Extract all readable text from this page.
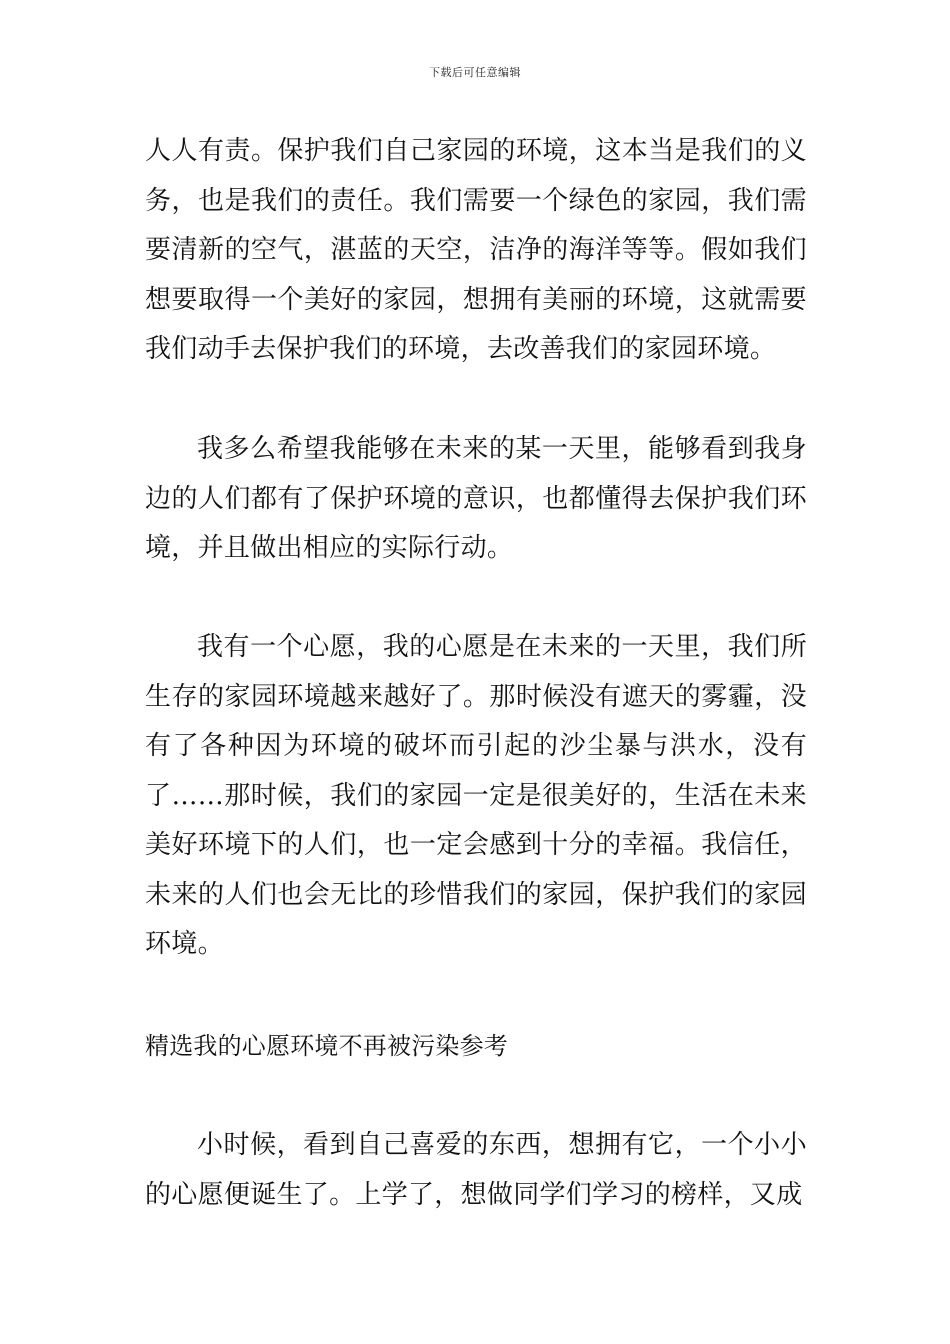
下载后可任意编辑

人人有责。保护我们自己家园的环境，这本当是我们的义务，也是我们的责任。我们需要一个绿色的家园，我们需要清新的空气，湛蓝的天空，洁净的海洋等等。假如我们想要取得一个美好的家园，想拥有美丽的环境，这就需要我们动手去保护我们的环境，去改善我们的家园环境。

我多么希望我能够在未来的某一天里，能够看到我身边的人们都有了保护环境的意识，也都懂得去保护我们环境，并且做出相应的实际行动。

我有一个心愿，我的心愿是在未来的一天里，我们所生存的家园环境越来越好了。那时候没有遮天的雾霾，没有了各种因为环境的破坏而引起的沙尘暴与洪水，没有了……那时候，我们的家园一定是很美好的，生活在未来美好环境下的人们，也一定会感到十分的幸福。我信任，未来的人们也会无比的珍惜我们的家园，保护我们的家园环境。

精选我的心愿环境不再被污染参考

小时候，看到自己喜爱的东西，想拥有它，一个小小的心愿便诞生了。上学了，想做同学们学习的榜样，又成
